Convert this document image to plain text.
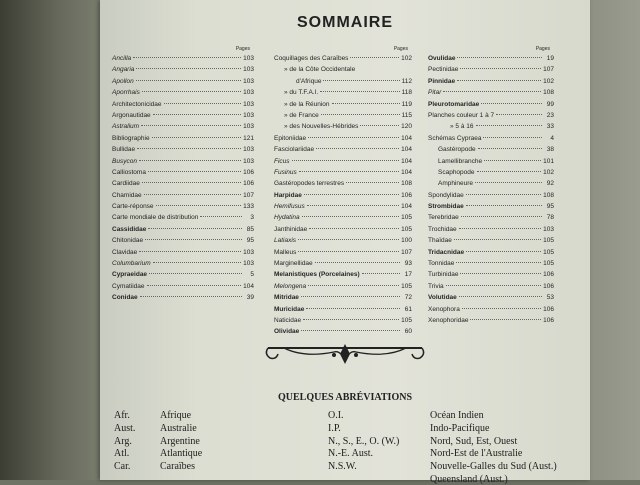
SOMMAIRE
Pages
Ancilla	103
Angaria	103
Apollon	103
Aporrhais	103
Architectonicidae	103
Argonautidae	103
Astralium	103
Bibliographie	121
Bullidae	103
Busycon	103
Calliostoma	106
Cardiidae	106
Chamidae	107
Carte-réponse	133
Carte mondiale de distribution	3
Cassididae	85
Chitonidae	95
Clavidae	103
Columbarium	103
Cypraeidae	5
Cymatiidae	104
Conidae	39
Pages
Coquillages des Caraïbes	102
» de la Côte Occidentale
d'Afrique	112
» du T.F.A.I.	118
» de la Réunion	119
» de France	115
» des Nouvelles-Hébrides	120
Epitoniidae	104
Fasciolariidae	104
Ficus	104
Fusinus	104
Gastéropodes terrestres	108
Harpidae	106
Hemifusus	104
Hydatina	105
Janthinidae	105
Latiaxis	100
Malleus	107
Marginellidae	93
Melanistiques (Porcelaines)	17
Melongena	105
Mitridae	72
Muricidae	61
Naticidae	105
Olividae	60
Pages
Ovulidae	19
Pectinidae	107
Pinnidae	102
Pitar	108
Pleurotomaridae	99
Planches couleur 1 à 7	23
» 5 à 16	33
Schémas Cypraea	4
Gastéropode	38
Lamellibranche	101
Scaphopode	102
Amphineure	92
Spondylidae	108
Strombidae	95
Terebridae	78
Trochidae	103
Thaïdae	105
Tridacnidae	105
Tonnidae	105
Turbinidae	106
Trivia	106
Volutidae	53
Xenophora	106
Xenophoridae	106
QUELQUES ABRÉVIATIONS
Afr.	Afrique	O.I.	Océan Indien
Aust. Australie	I.P.	Indo-Pacifique
Arg.	Argentine	N., S., E., O. (W.)	Nord, Sud, Est, Ouest
Atl.	Atlantique	N.-E. Aust.	Nord-Est de l'Australie
Car.	Caraïbes	N.S.W.	Nouvelle-Galles du Sud (Aust.)
Queensland (Aust.)
